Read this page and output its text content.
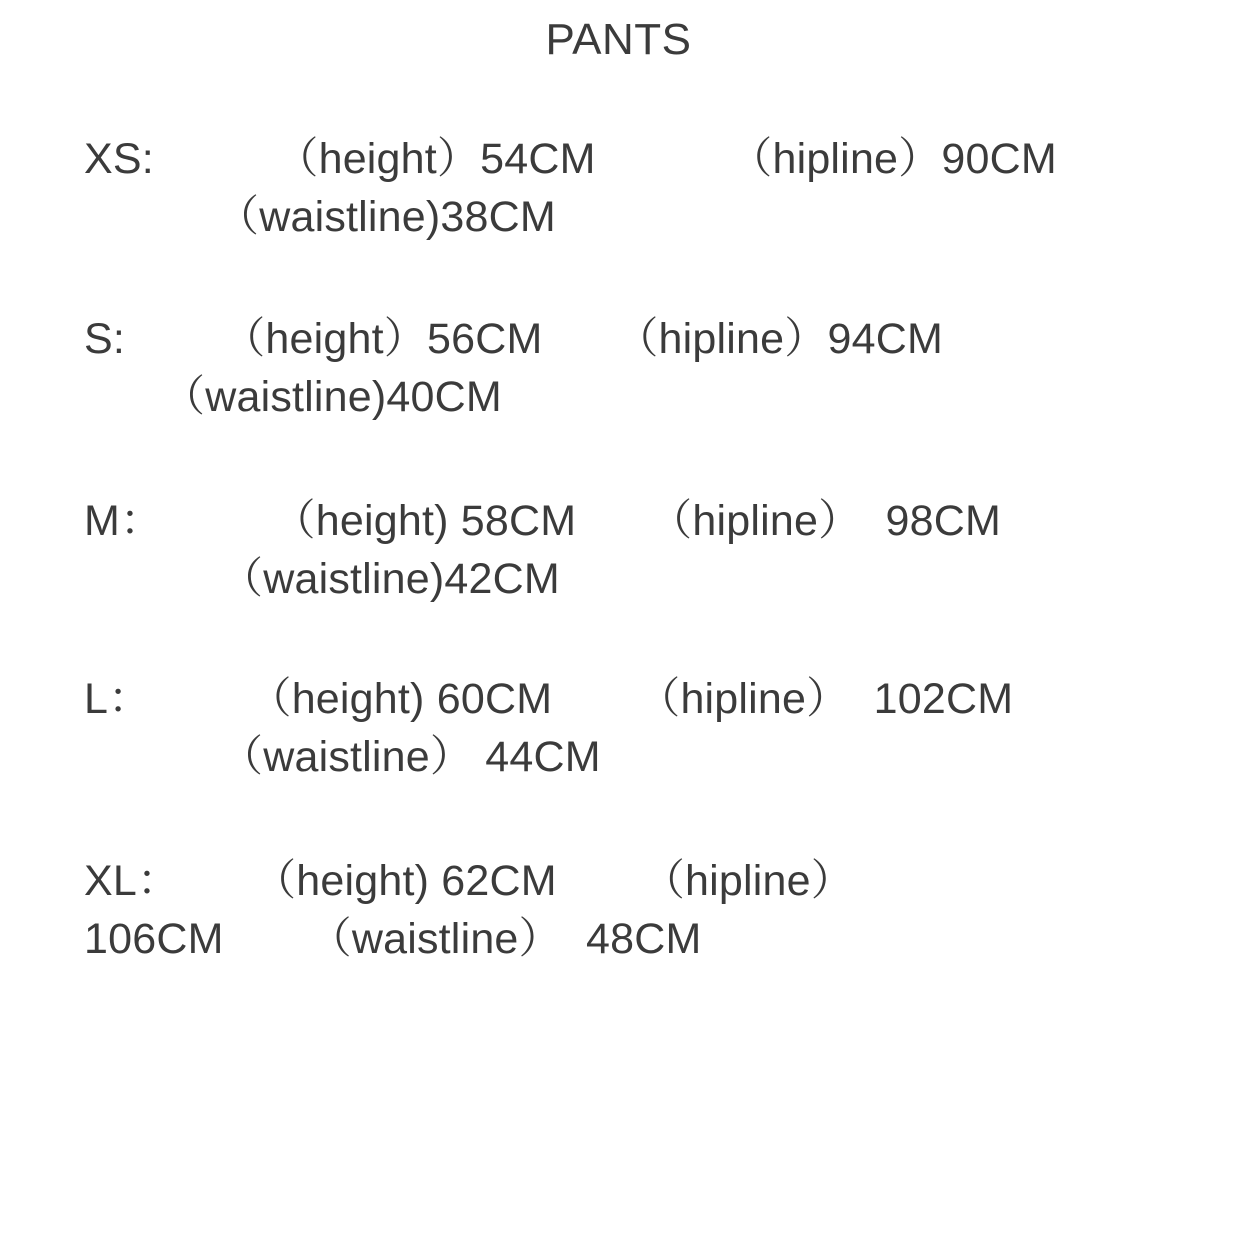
PANTS
XS:          （height）54CM           （hipline）90CM
（waistline)38CM
S:        （height）56CM      （hipline）94CM
（waistline)40CM
M：         （height) 58CM      （hipline）  98CM
（waistline)42CM
L：        （height) 60CM       （hipline）  102CM
（waistline） 44CM
XL：      （height) 62CM       （hipline）
106CM       （waistline）  48CM
